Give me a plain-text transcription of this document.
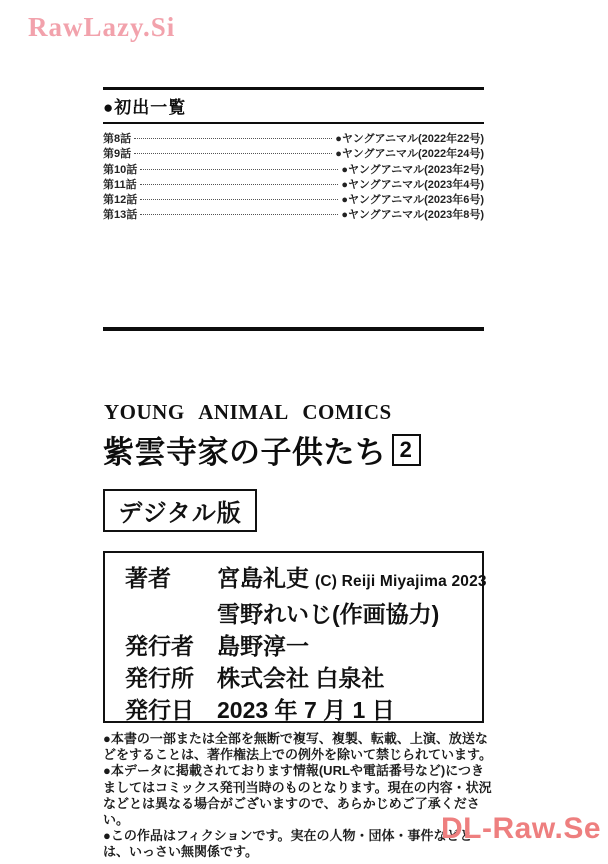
RawLazy.Si
●初出一覧
第8話	●ヤングアニマル(2022年22号)
第9話	●ヤングアニマル(2022年24号)
第10話	●ヤングアニマル(2023年2号)
第11話	●ヤングアニマル(2023年4号)
第12話	●ヤングアニマル(2023年6号)
第13話	●ヤングアニマル(2023年8号)
YOUNG ANIMAL COMICS
紫雲寺家の子供たち 2
デジタル版
著者	宮島礼吏 (C) Reiji Miyajima 2023
雪野れいじ(作画協力)
発行者	島野淳一
発行所	株式会社 白泉社
発行日	2023 年 7 月 1 日

●本書の一部または全部を無断で複写、複製、転載、上演、放送などをすることは、著作権法上での例外を除いて禁じられています。

●本データに掲載されております情報(URLや電話番号など)につきましてはコミックス発刊当時のものとなります。現在の内容・状況などとは異なる場合がございますので、あらかじめご了承ください。

●この作品はフィクションです。実在の人物・団体・事件などとは、いっさい無関係です。

DL-Raw.Se
